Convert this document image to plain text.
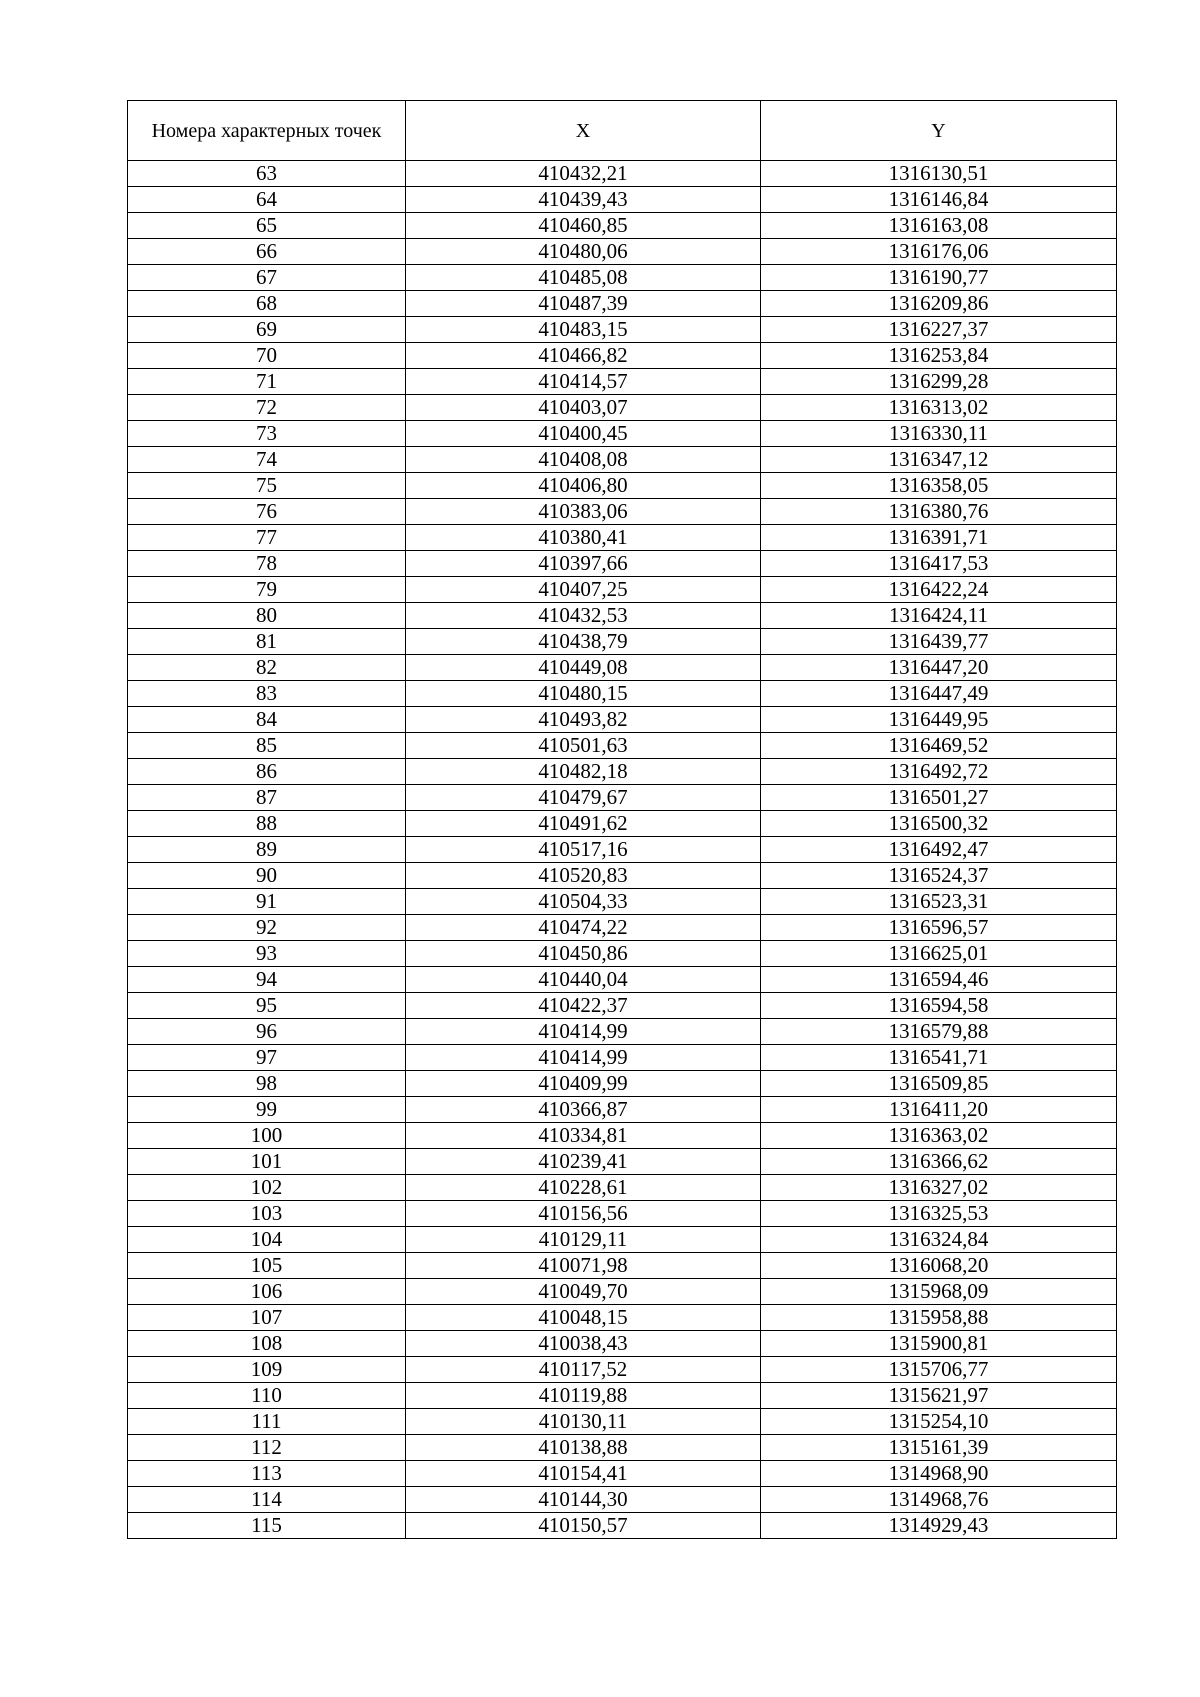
Номера характерных точек	X	Y
63	410432,21	1316130,51
64	410439,43	1316146,84
65	410460,85	1316163,08
66	410480,06	1316176,06
67	410485,08	1316190,77
68	410487,39	1316209,86
69	410483,15	1316227,37
70	410466,82	1316253,84
71	410414,57	1316299,28
72	410403,07	1316313,02
73	410400,45	1316330,11
74	410408,08	1316347,12
75	410406,80	1316358,05
76	410383,06	1316380,76
77	410380,41	1316391,71
78	410397,66	1316417,53
79	410407,25	1316422,24
80	410432,53	1316424,11
81	410438,79	1316439,77
82	410449,08	1316447,20
83	410480,15	1316447,49
84	410493,82	1316449,95
85	410501,63	1316469,52
86	410482,18	1316492,72
87	410479,67	1316501,27
88	410491,62	1316500,32
89	410517,16	1316492,47
90	410520,83	1316524,37
91	410504,33	1316523,31
92	410474,22	1316596,57
93	410450,86	1316625,01
94	410440,04	1316594,46
95	410422,37	1316594,58
96	410414,99	1316579,88
97	410414,99	1316541,71
98	410409,99	1316509,85
99	410366,87	1316411,20
100	410334,81	1316363,02
101	410239,41	1316366,62
102	410228,61	1316327,02
103	410156,56	1316325,53
104	410129,11	1316324,84
105	410071,98	1316068,20
106	410049,70	1315968,09
107	410048,15	1315958,88
108	410038,43	1315900,81
109	410117,52	1315706,77
110	410119,88	1315621,97
111	410130,11	1315254,10
112	410138,88	1315161,39
113	410154,41	1314968,90
114	410144,30	1314968,76
115	410150,57	1314929,43
